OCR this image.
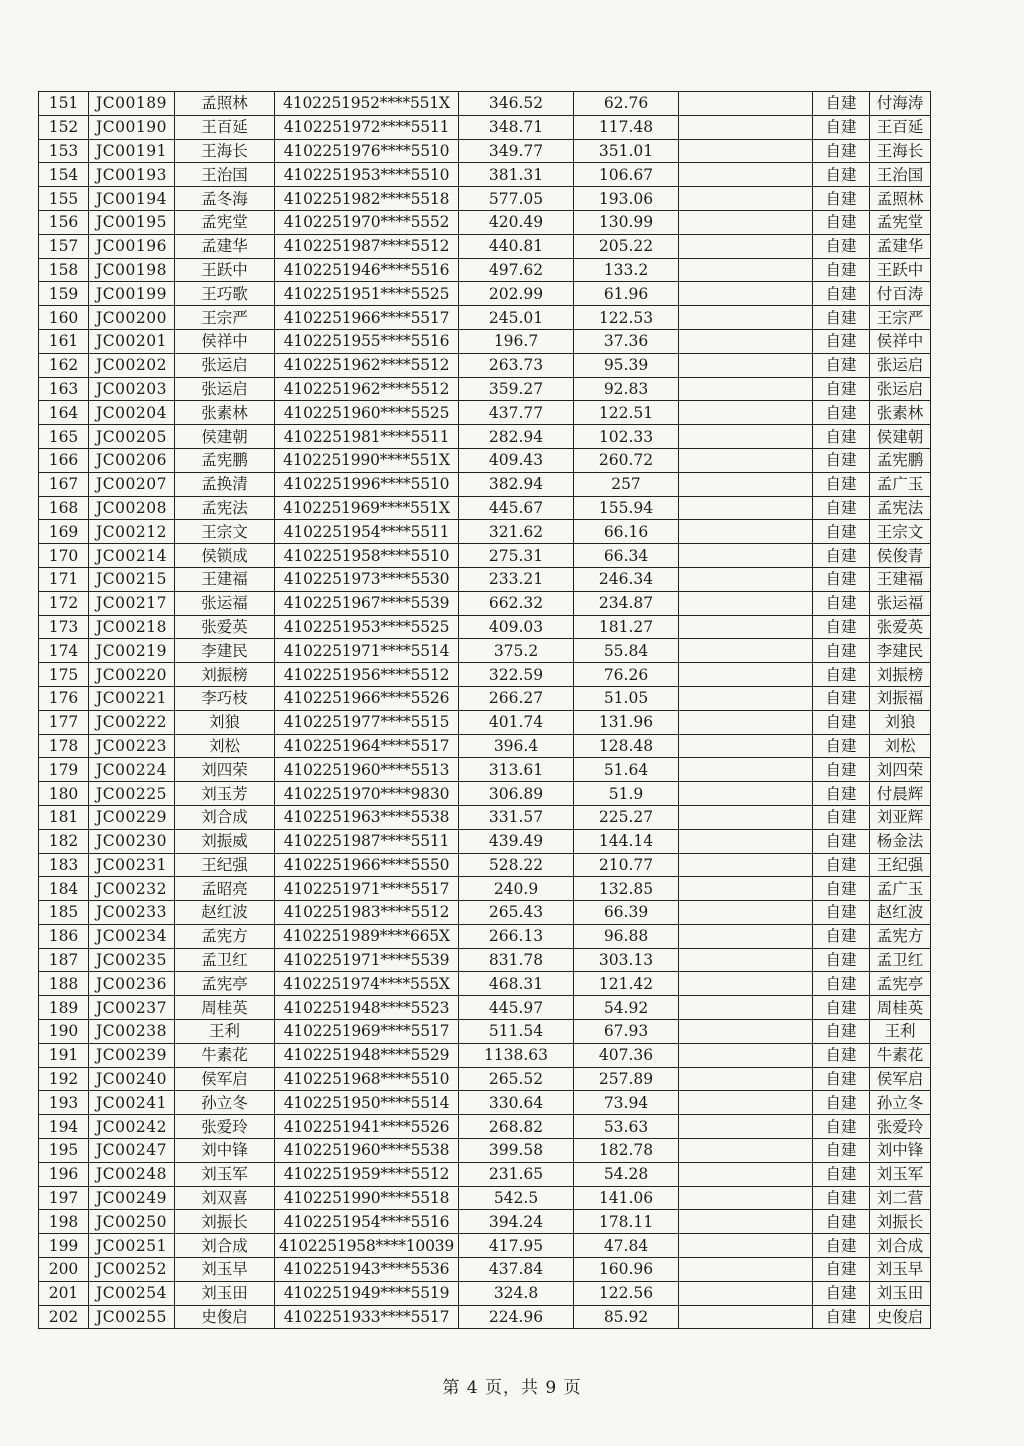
151	JC00189	孟照林	4102251952****551X	346.52	62.76		自建	付海涛
152	JC00190	王百延	4102251972****5511	348.71	117.48		自建	王百延
153	JC00191	王海长	4102251976****5510	349.77	351.01		自建	王海长
154	JC00193	王治国	4102251953****5510	381.31	106.67		自建	王治国
155	JC00194	孟冬海	4102251982****5518	577.05	193.06		自建	孟照林
156	JC00195	孟宪堂	4102251970****5552	420.49	130.99		自建	孟宪堂
157	JC00196	孟建华	4102251987****5512	440.81	205.22		自建	孟建华
158	JC00198	王跃中	4102251946****5516	497.62	133.2		自建	王跃中
159	JC00199	王巧歌	4102251951****5525	202.99	61.96		自建	付百涛
160	JC00200	王宗严	4102251966****5517	245.01	122.53		自建	王宗严
161	JC00201	侯祥中	4102251955****5516	196.7	37.36		自建	侯祥中
162	JC00202	张运启	4102251962****5512	263.73	95.39		自建	张运启
163	JC00203	张运启	4102251962****5512	359.27	92.83		自建	张运启
164	JC00204	张素林	4102251960****5525	437.77	122.51		自建	张素林
165	JC00205	侯建朝	4102251981****5511	282.94	102.33		自建	侯建朝
166	JC00206	孟宪鹏	4102251990****551X	409.43	260.72		自建	孟宪鹏
167	JC00207	孟换清	4102251996****5510	382.94	257		自建	孟广玉
168	JC00208	孟宪法	4102251969****551X	445.67	155.94		自建	孟宪法
169	JC00212	王宗文	4102251954****5511	321.62	66.16		自建	王宗文
170	JC00214	侯锁成	4102251958****5510	275.31	66.34		自建	侯俊青
171	JC00215	王建福	4102251973****5530	233.21	246.34		自建	王建福
172	JC00217	张运福	4102251967****5539	662.32	234.87		自建	张运福
173	JC00218	张爱英	4102251953****5525	409.03	181.27		自建	张爱英
174	JC00219	李建民	4102251971****5514	375.2	55.84		自建	李建民
175	JC00220	刘振榜	4102251956****5512	322.59	76.26		自建	刘振榜
176	JC00221	李巧枝	4102251966****5526	266.27	51.05		自建	刘振福
177	JC00222	刘狼	4102251977****5515	401.74	131.96		自建	刘狼
178	JC00223	刘松	4102251964****5517	396.4	128.48		自建	刘松
179	JC00224	刘四荣	4102251960****5513	313.61	51.64		自建	刘四荣
180	JC00225	刘玉芳	4102251970****9830	306.89	51.9		自建	付晨辉
181	JC00229	刘合成	4102251963****5538	331.57	225.27		自建	刘亚辉
182	JC00230	刘振威	4102251987****5511	439.49	144.14		自建	杨金法
183	JC00231	王纪强	4102251966****5550	528.22	210.77		自建	王纪强
184	JC00232	孟昭亮	4102251971****5517	240.9	132.85		自建	孟广玉
185	JC00233	赵红波	4102251983****5512	265.43	66.39		自建	赵红波
186	JC00234	孟宪方	4102251989****665X	266.13	96.88		自建	孟宪方
187	JC00235	孟卫红	4102251971****5539	831.78	303.13		自建	孟卫红
188	JC00236	孟宪亭	4102251974****555X	468.31	121.42		自建	孟宪亭
189	JC00237	周桂英	4102251948****5523	445.97	54.92		自建	周桂英
190	JC00238	王利	4102251969****5517	511.54	67.93		自建	王利
191	JC00239	牛素花	4102251948****5529	1138.63	407.36		自建	牛素花
192	JC00240	侯军启	4102251968****5510	265.52	257.89		自建	侯军启
193	JC00241	孙立冬	4102251950****5514	330.64	73.94		自建	孙立冬
194	JC00242	张爱玲	4102251941****5526	268.82	53.63		自建	张爱玲
195	JC00247	刘中锋	4102251960****5538	399.58	182.78		自建	刘中锋
196	JC00248	刘玉军	4102251959****5512	231.65	54.28		自建	刘玉军
197	JC00249	刘双喜	4102251990****5518	542.5	141.06		自建	刘二营
198	JC00250	刘振长	4102251954****5516	394.24	178.11		自建	刘振长
199	JC00251	刘合成	4102251958****10039	417.95	47.84		自建	刘合成
200	JC00252	刘玉早	4102251943****5536	437.84	160.96		自建	刘玉早
201	JC00254	刘玉田	4102251949****5519	324.8	122.56		自建	刘玉田
202	JC00255	史俊启	4102251933****5517	224.96	85.92		自建	史俊启
第 4 页，共 9 页
